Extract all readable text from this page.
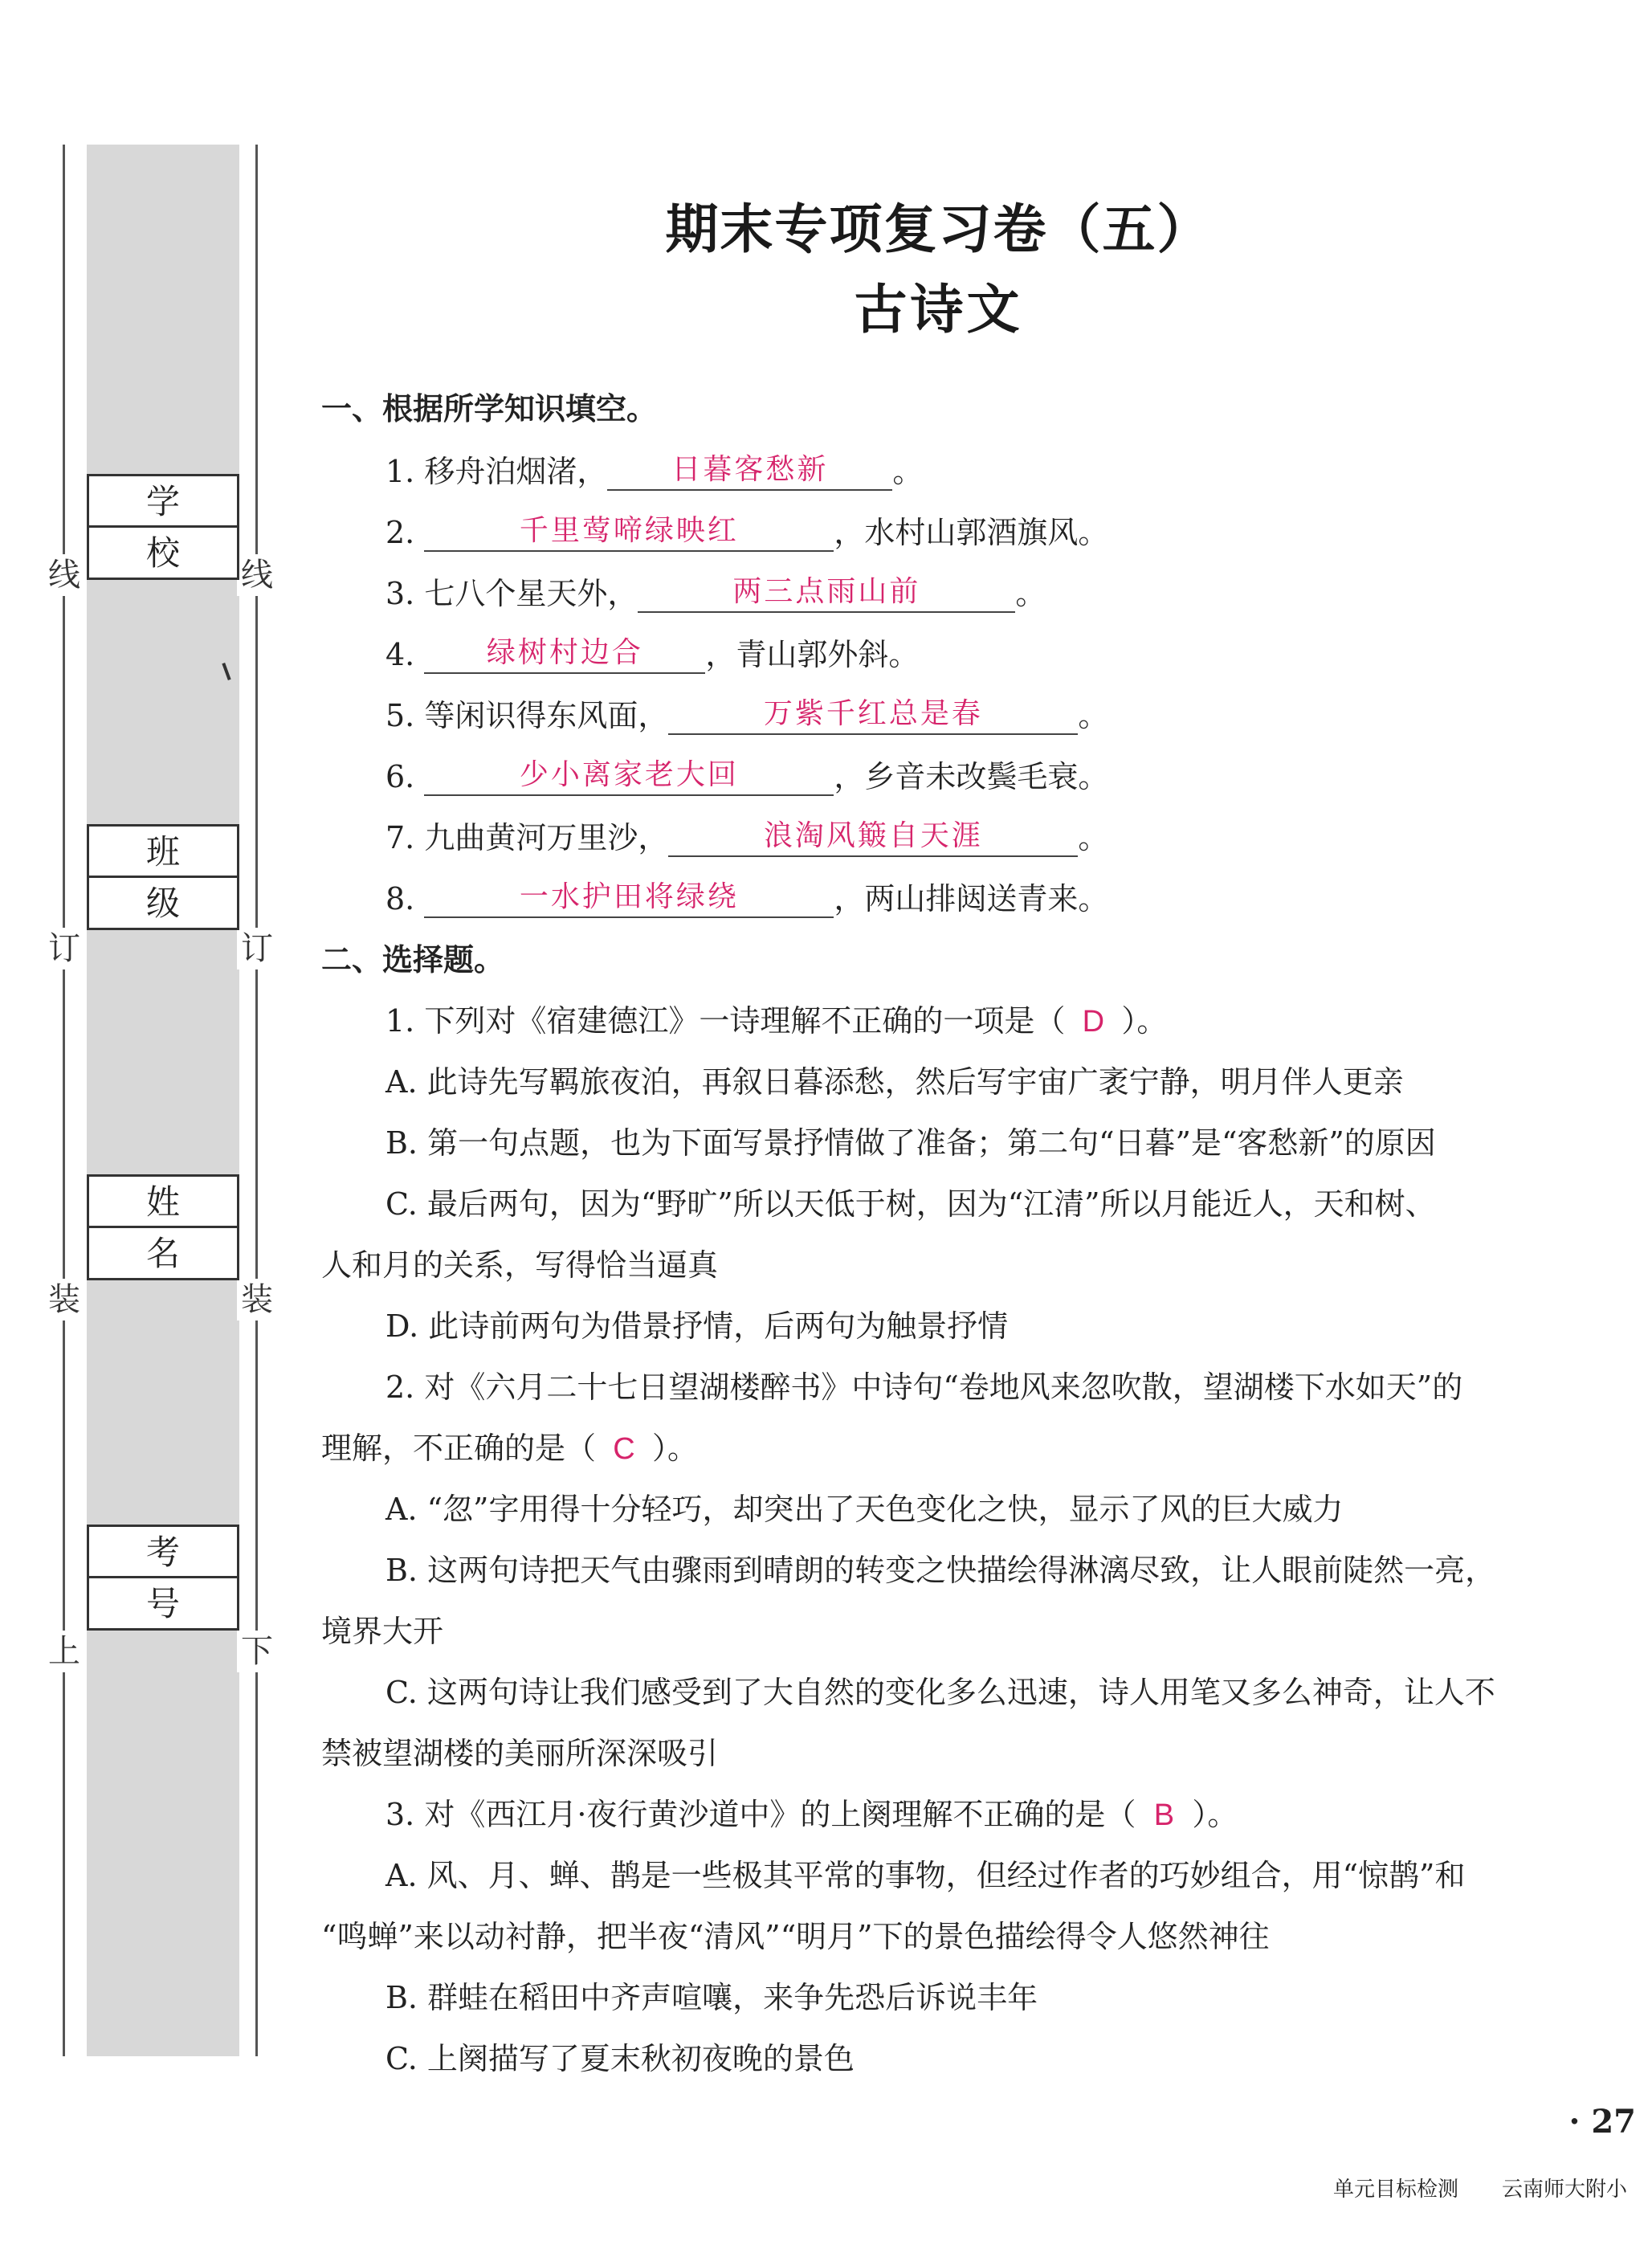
线
订
装
上
线
订
装
下
学 校
班 级
姓 名
考 号
期末专项复习卷（五）
古诗文
一、根据所学知识填空。
1. 移舟泊烟渚， 日暮客愁新 。
2.	千里莺啼绿映红	，水村山郭酒旗风。
3. 七八个星天外，	两三点雨山前	。
4. 绿树村边合 ，青山郭外斜。
5. 等闲识得东风面，	万紫千红总是春	。
6.	少小离家老大回	，乡音未改鬓毛衰。
7. 九曲黄河万里沙，	浪淘风簸自天涯	。
8.	一水护田将绿绕	，两山排闼送青来。
二、选择题。
1. 下列对《宿建德江》一诗理解不正确的一项是（ D ）。
A. 此诗先写羁旅夜泊，再叙日暮添愁，然后写宇宙广袤宁静，明月伴人更亲
B. 第一句点题，也为下面写景抒情做了准备；第二句“日暮”是“客愁新”的原因
C. 最后两句，因为“野旷”所以天低于树，因为“江清”所以月能近人，天和树、
人和月的关系，写得恰当逼真
D. 此诗前两句为借景抒情，后两句为触景抒情
2. 对《六月二十七日望湖楼醉书》中诗句“卷地风来忽吹散，望湖楼下水如天”的
理解，不正确的是（ C ）。
A. “忽”字用得十分轻巧，却突出了天色变化之快，显示了风的巨大威力
B. 这两句诗把天气由骤雨到晴朗的转变之快描绘得淋漓尽致，让人眼前陡然一亮，
境界大开
C. 这两句诗让我们感受到了大自然的变化多么迅速，诗人用笔又多么神奇，让人不
禁被望湖楼的美丽所深深吸引
3. 对《西江月·夜行黄沙道中》的上阕理解不正确的是（ B ）。
A. 风、月、蝉、鹊是一些极其平常的事物，但经过作者的巧妙组合，用“惊鹊”和
“鸣蝉”来以动衬静，把半夜“清风”“明月”下的景色描绘得令人悠然神往
B. 群蛙在稻田中齐声喧嚷，来争先恐后诉说丰年
C. 上阕描写了夏末秋初夜晚的景色
· 27
单元目标检测 云南师大附小
